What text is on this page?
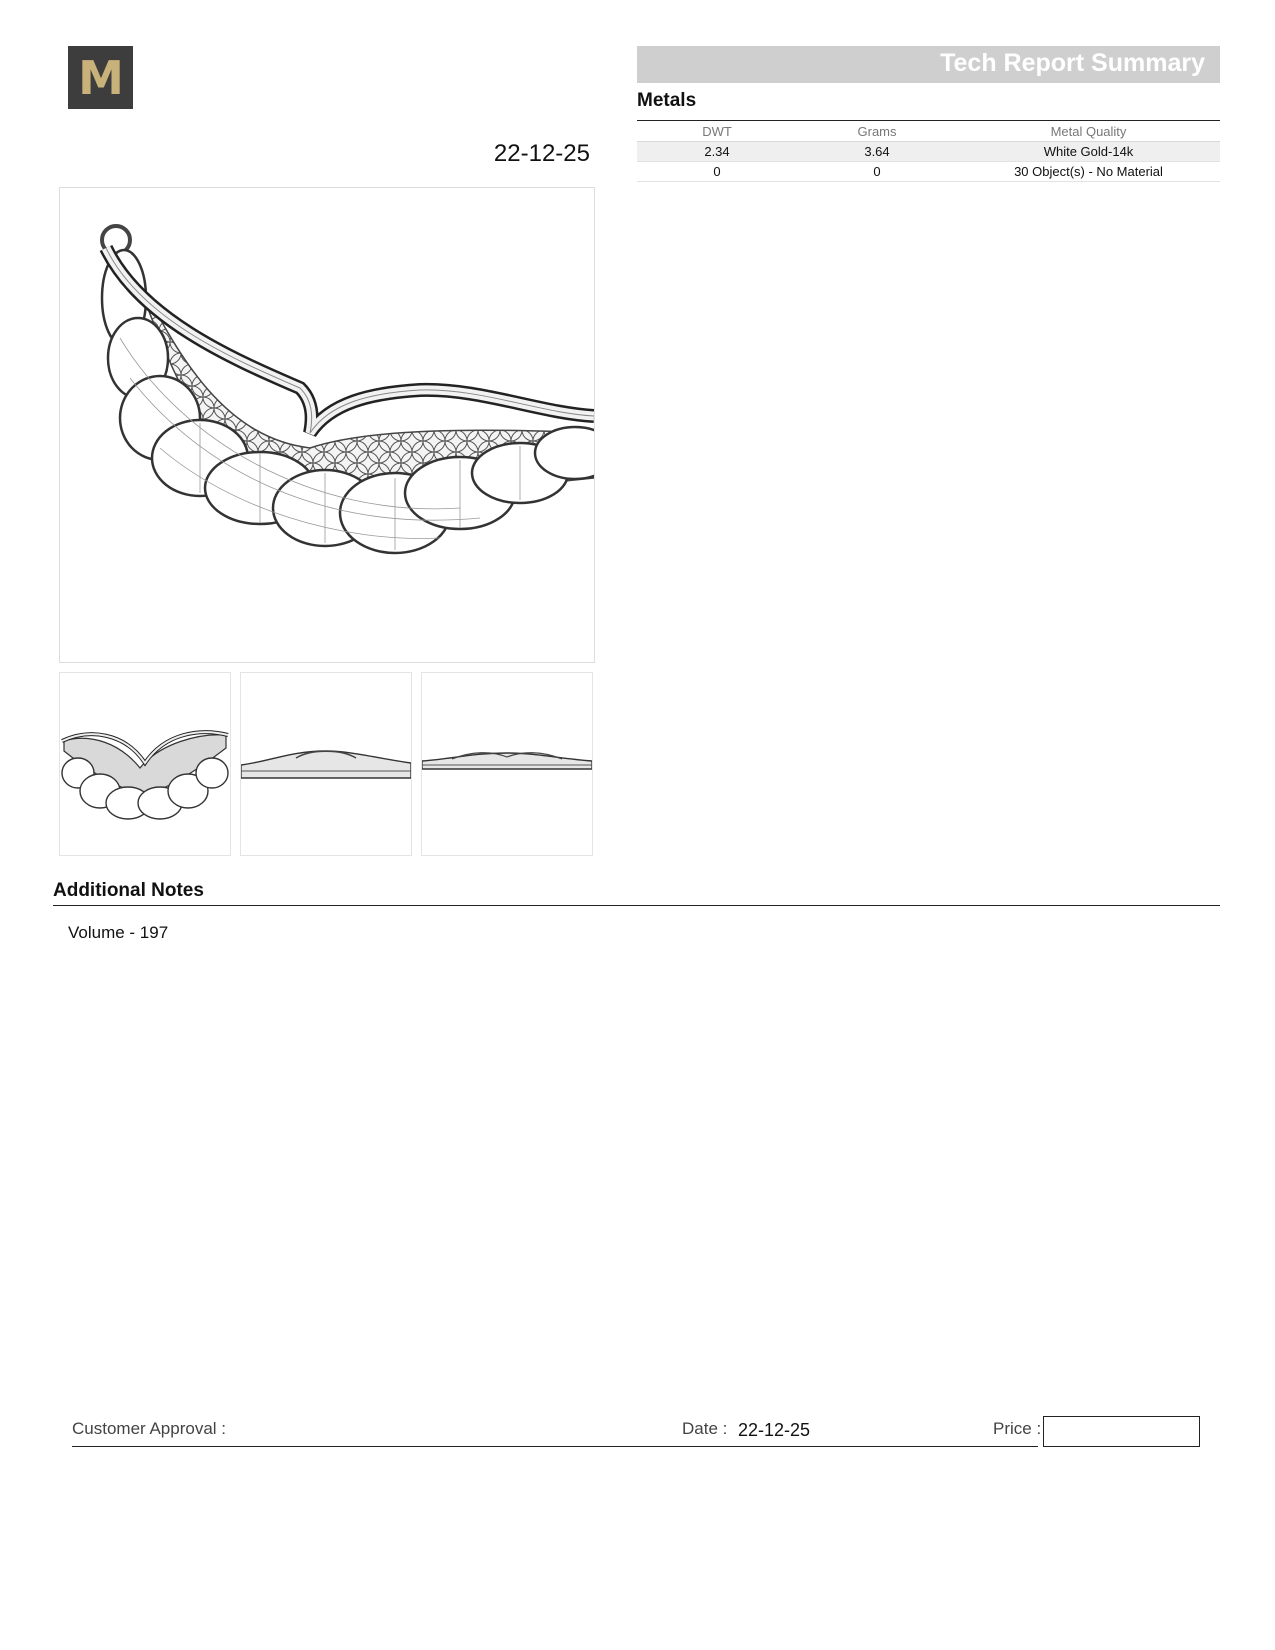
M
22-12-25
Tech Report Summary
Metals
DWT	Grams	Metal Quality
2.34	3.64	White Gold-14k
0	0	30 Object(s) - No Material
Additional Notes
Volume - 197
Customer Approval :	Date : 22-12-25	Price :
